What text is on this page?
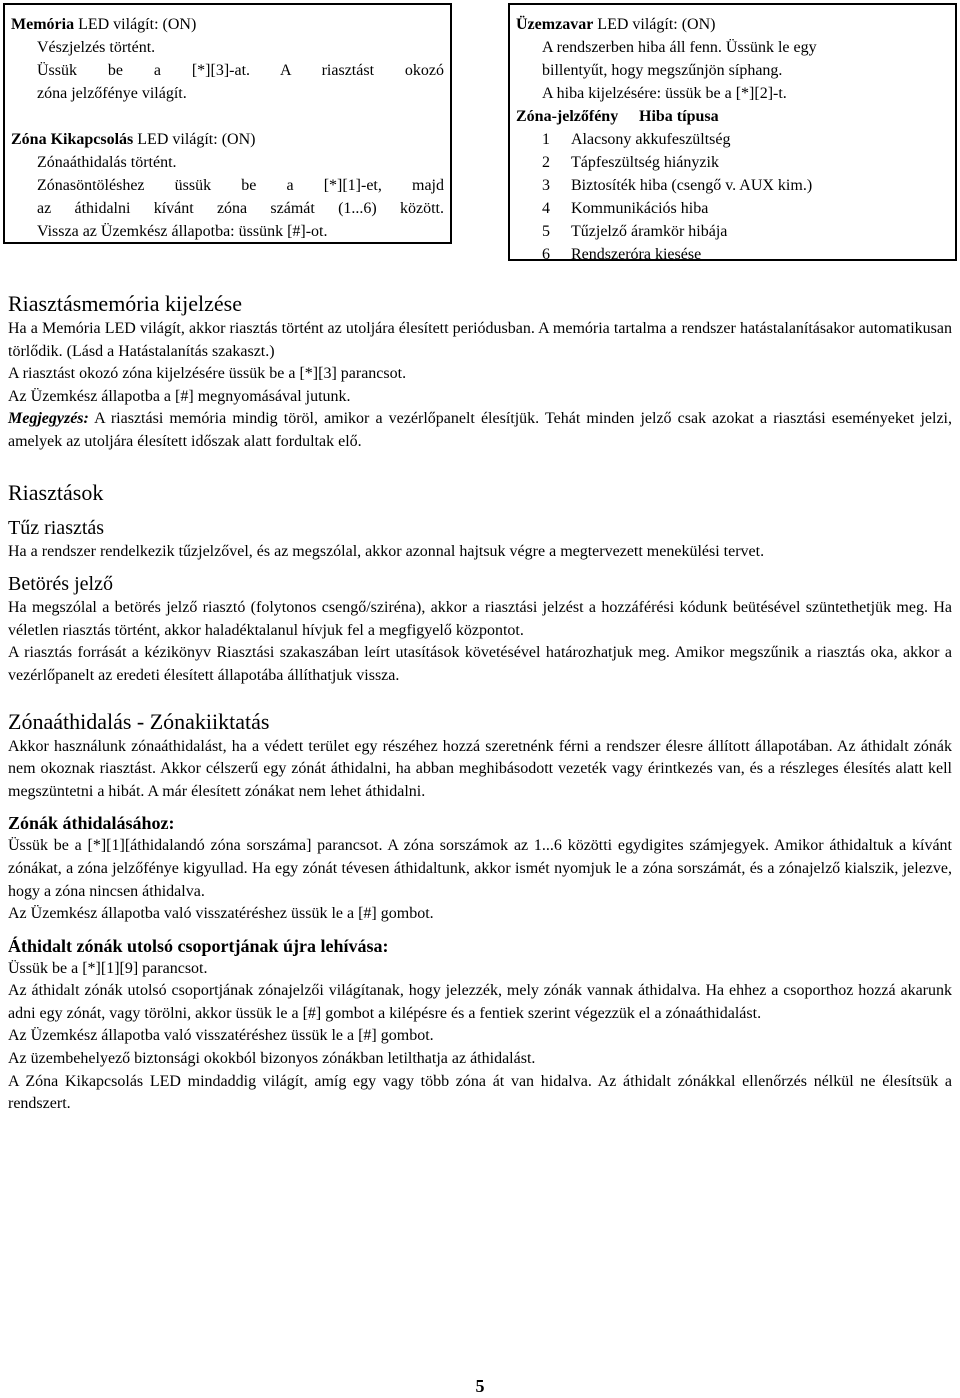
Memória LED világít: (ON)
Vészjelzés történt.
Üssük be a [*][3]-at. A riasztást okozó
zóna jelzőfénye világít.
Zóna Kikapcsolás LED világít: (ON)
Zónaáthidalás történt.
Zónasöntöléshez üssük be a [*][1]-et, majd
az áthidalni kívánt zóna számát (1...6) között.
Vissza az Üzemkész állapotba: üssünk [#]-ot.
Üzemzavar LED világít: (ON)
A rendszerben hiba áll fenn. Üssünk le egy
billentyűt, hogy megszűnjön síphang.
A hiba kijelzésére: üssük be a [*][2]-t.
Zóna-jelzőfény	Hiba típusa
1	Alacsony akkufeszültség
2	Tápfeszültség hiányzik
3	Biztosíték hiba (csengő v. AUX kim.)
4	Kommunikációs hiba
5	Tűzjelző áramkör hibája
6	Rendszeróra kiesése
Riasztásmemória kijelzése

Ha a Memória LED világít, akkor riasztás történt az utoljára élesített periódusban. A memória tartalma a rendszer hatástalanításakor automatikusan törlődik. (Lásd a Hatástalanítás szakaszt.)

A riasztást okozó zóna kijelzésére üssük be a [*][3] parancsot.

Az Üzemkész állapotba a [#] megnyomásával jutunk.

Megjegyzés: A riasztási memória mindig töröl, amikor a vezérlőpanelt élesítjük. Tehát minden jelző csak azokat a riasztási eseményeket jelzi, amelyek az utoljára élesített időszak alatt fordultak elő.

Riasztások
Tűz riasztás

Ha a rendszer rendelkezik tűzjelzővel, és az megszólal, akkor azonnal hajtsuk végre a megtervezett menekülési tervet.

Betörés jelző

Ha megszólal a betörés jelző riasztó (folytonos csengő/sziréna), akkor a riasztási jelzést a hozzáférési kódunk beütésével szüntethetjük meg. Ha véletlen riasztás történt, akkor haladéktalanul hívjuk fel a megfigyelő központot.

A riasztás forrását a kézikönyv Riasztási szakaszában leírt utasítások követésével határozhatjuk meg. Amikor megszűnik a riasztás oka, akkor a vezérlőpanelt az eredeti élesített állapotába állíthatjuk vissza.

Zónaáthidalás - Zónakiiktatás

Akkor használunk zónaáthidalást, ha a védett terület egy részéhez hozzá szeretnénk férni a rendszer élesre állított állapotában. Az áthidalt zónák nem okoznak riasztást. Akkor célszerű egy zónát áthidalni, ha abban meghibásodott vezeték vagy érintkezés van, és a részleges élesítés alatt kell megszüntetni a hibát. A már élesített zónákat nem lehet áthidalni.

Zónák áthidalásához:

Üssük be a [*][1][áthidalandó zóna sorszáma] parancsot. A zóna sorszámok az 1...6 közötti egydigites számjegyek. Amikor áthidaltuk a kívánt zónákat, a zóna jelzőfénye kigyullad. Ha egy zónát tévesen áthidaltunk, akkor ismét nyomjuk le a zóna sorszámát, és a zónajelző kialszik, jelezve, hogy a zóna nincsen áthidalva.

Az Üzemkész állapotba való visszatéréshez üssük le a [#] gombot.

Áthidalt zónák utolsó csoportjának újra lehívása:

Üssük be a [*][1][9] parancsot.

Az áthidalt zónák utolsó csoportjának zónajelzői világítanak, hogy jelezzék, mely zónák vannak áthidalva. Ha ehhez a csoporthoz hozzá akarunk adni egy zónát, vagy törölni, akkor üssük le a [#] gombot a kilépésre és a fentiek szerint végezzük el a zónaáthidalást.

Az Üzemkész állapotba való visszatéréshez üssük le a [#] gombot.

Az üzembehelyező biztonsági okokból bizonyos zónákban letilthatja az áthidalást.

A Zóna Kikapcsolás LED mindaddig világít, amíg egy vagy több zóna át van hidalva. Az áthidalt zónákkal ellenőrzés nélkül ne élesítsük a rendszert.

5
